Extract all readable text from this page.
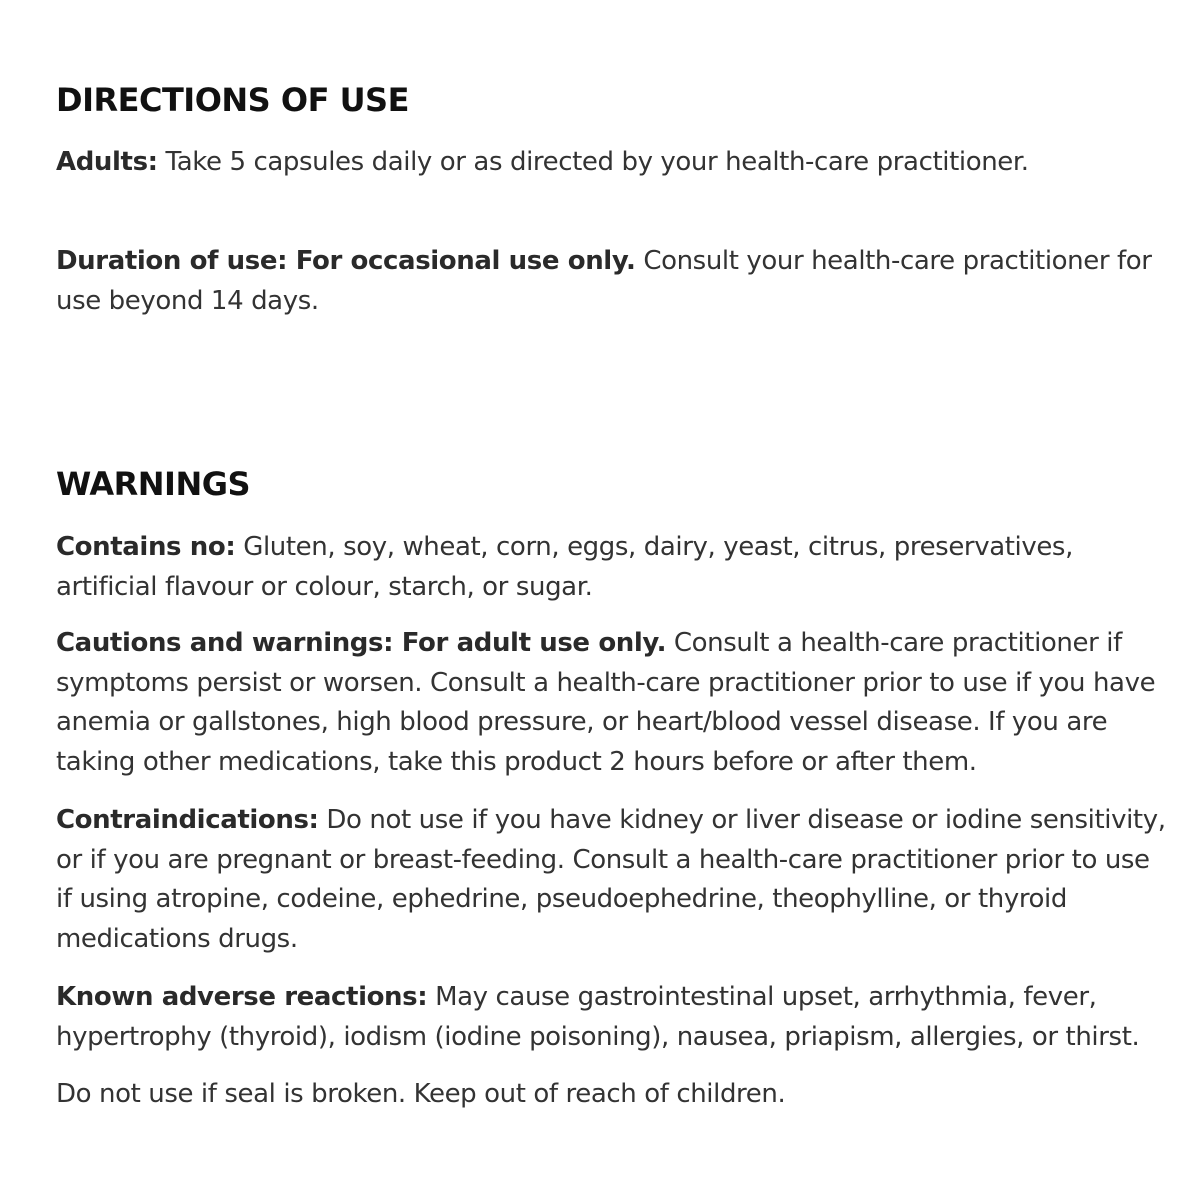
DIRECTIONS OF USE

Adults: Take 5 capsules daily or as directed by your health-care practitioner.

Duration of use: For occasional use only. Consult your health-care practitioner for use beyond 14 days.

WARNINGS

Contains no: Gluten, soy, wheat, corn, eggs, dairy, yeast, citrus, preservatives, artificial flavour or colour, starch, or sugar.

Cautions and warnings: For adult use only. Consult a health-care practitioner if symptoms persist or worsen. Consult a health-care practitioner prior to use if you have anemia or gallstones, high blood pressure, or heart/blood vessel disease. If you are taking other medications, take this product 2 hours before or after them.

Contraindications: Do not use if you have kidney or liver disease or iodine sensitivity, or if you are pregnant or breast-feeding. Consult a health-care practitioner prior to use if using atropine, codeine, ephedrine, pseudoephedrine, theophylline, or thyroid medications drugs.

Known adverse reactions: May cause gastrointestinal upset, arrhythmia, fever, hypertrophy (thyroid), iodism (iodine poisoning), nausea, priapism, allergies, or thirst.

Do not use if seal is broken. Keep out of reach of children.
